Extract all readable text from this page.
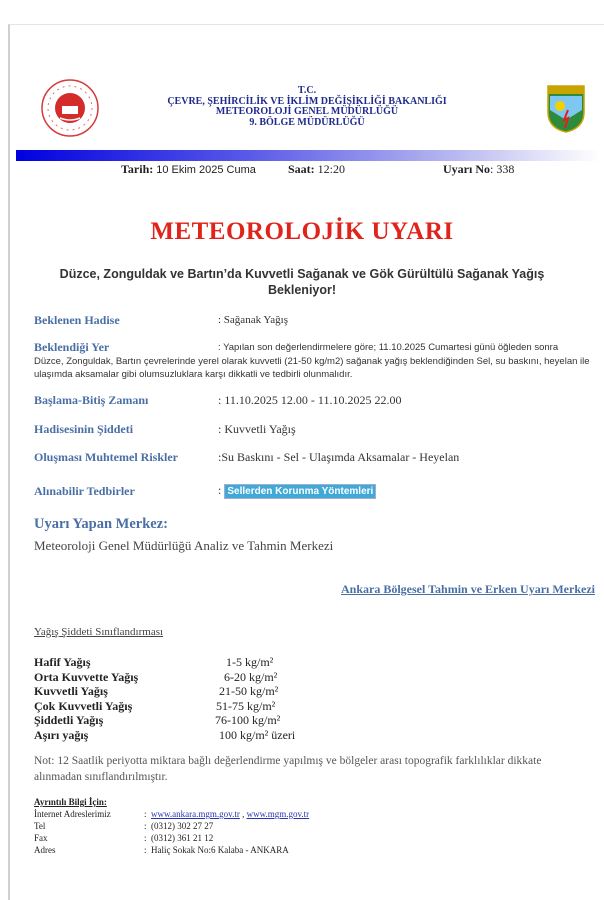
T.C.
ÇEVRE, ŞEHİRCİLİK VE İKLİM DEĞİŞİKLİĞİ BAKANLIĞI
METEOROLOJİ GENEL MÜDÜRLÜĞÜ
9. BÖLGE MÜDÜRLÜĞÜ
Tarih: 10 Ekim 2025 Cuma	Saat: 12:20	Uyarı No: 338
METEOROLOJİK UYARI
Düzce, Zonguldak ve Bartın’da Kuvvetli Sağanak ve Gök Gürültülü Sağanak Yağış Bekleniyor!
Beklenen Hadise	: Sağanak Yağış
Beklendiği Yer	: Yapılan son değerlendirmelere göre; 11.10.2025 Cumartesi günü öğleden sonra
Düzce, Zonguldak, Bartın çevrelerinde yerel olarak kuvvetli (21-50 kg/m2) sağanak yağış beklendiğinden Sel, su baskını, heyelan ile ulaşımda aksamalar gibi olumsuzluklara karşı dikkatli ve tedbirli olunmalıdır.
Başlama-Bitiş Zamanı	: 11.10.2025 12.00 - 11.10.2025 22.00
Hadisesinin Şiddeti	: Kuvvetli Yağış
Oluşması Muhtemel Riskler	:Su Baskını - Sel - Ulaşımda Aksamalar - Heyelan
Alınabilir Tedbirler	: Sellerden Korunma Yöntemleri
Uyarı Yapan Merkez:
Meteoroloji Genel Müdürlüğü Analiz ve Tahmin Merkezi
Ankara Bölgesel Tahmin ve Erken Uyarı Merkezi
Yağış Şiddeti Sınıflandırması
Hafif Yağış	1-5 kg/m²
Orta Kuvvette Yağış	6-20 kg/m²
Kuvvetli Yağış	21-50 kg/m²
Çok Kuvvetli Yağış	51-75 kg/m²
Şiddetli Yağış	76-100 kg/m²
Aşırı yağış	100 kg/m² üzeri
Not: 12 Saatlik periyotta miktara bağlı değerlendirme yapılmış ve bölgeler arası topografik farklılıklar dikkate alınmadan sınıflandırılmıştır.
Ayrıntılı Bilgi İçin:
İnternet Adreslerimiz	:  www.ankara.mgm.gov.tr , www.mgm.gov.tr
Tel	:  (0312) 302 27 27
Fax	:  (0312) 361 21 12
Adres	:  Haliç Sokak No:6 Kalaba - ANKARA
